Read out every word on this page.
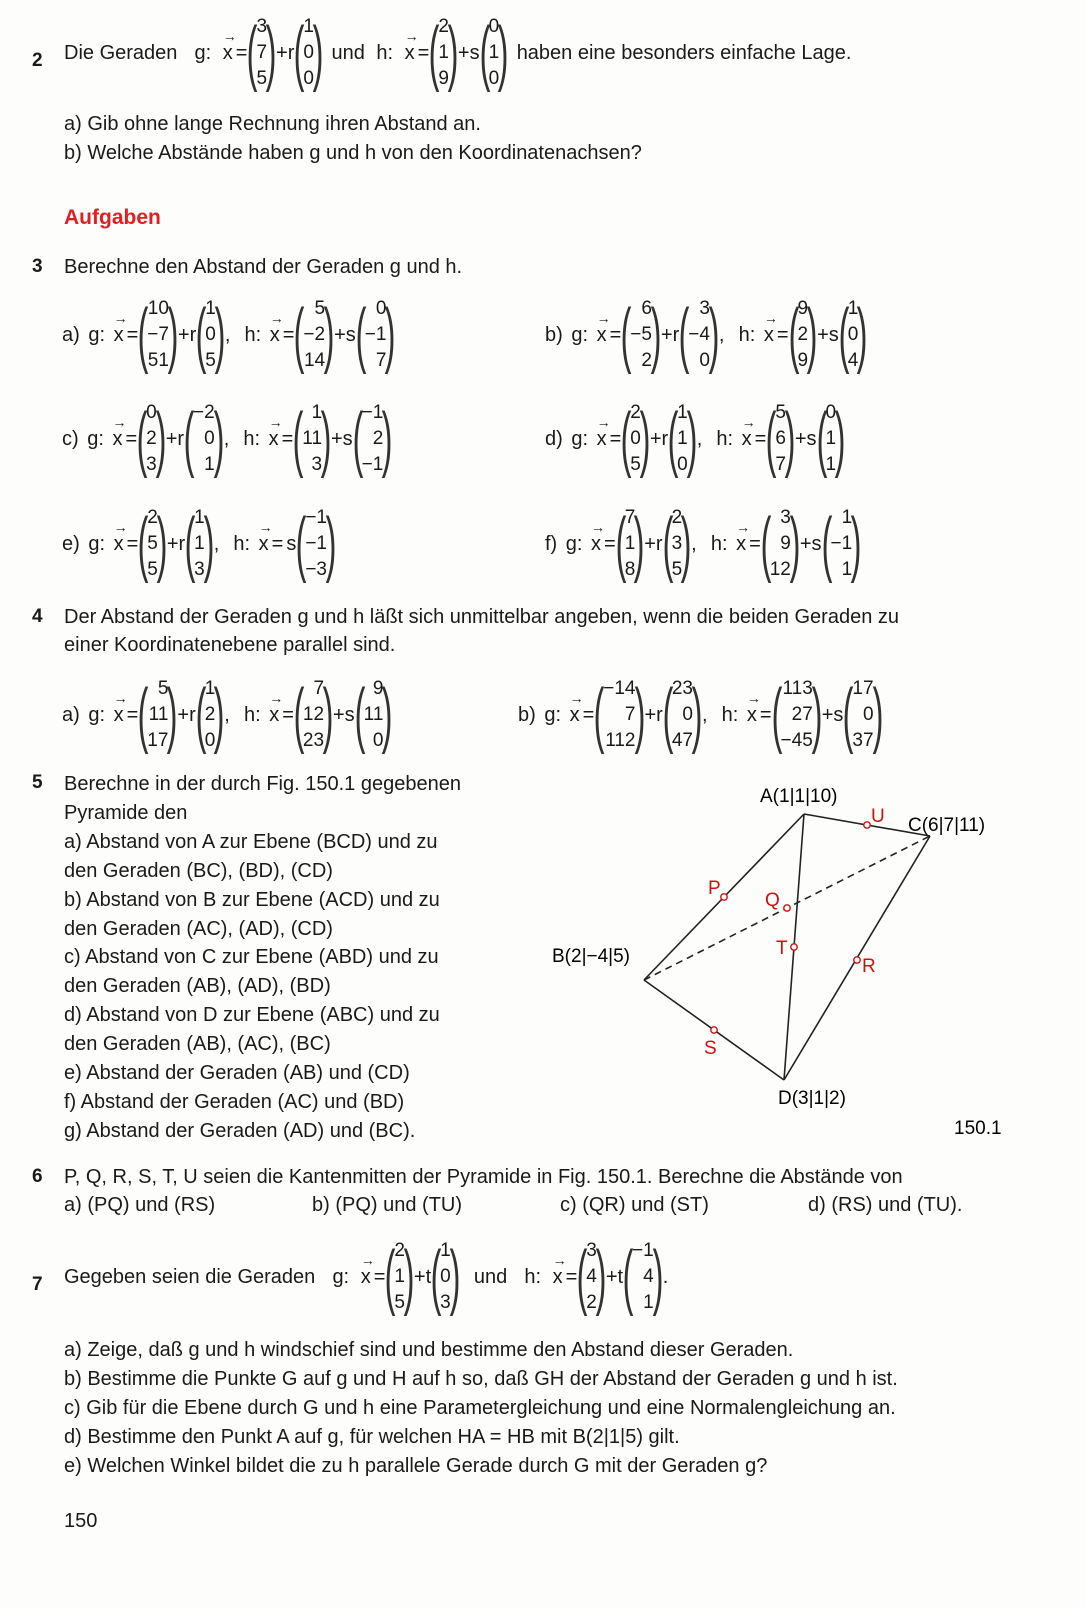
2 Die Geraden
g:
→ x = (
3
7
5
) +r (
1
0
0
)
und
h:
→ x = (
2
1
9
) +s (
0
1
0
)
haben eine besonders einfache Lage.
a) Gib ohne lange Rechnung ihren Abstand an.
b) Welche Abstände haben g und h von den Koordinatenachsen?
Aufgaben
3 Berechne den Abstand der Geraden g und h.
a) g: → x = ( 10
−7
51
) +r (
1
0
5
) , h: → x = ( 5
−2
14
) +s ( 0
−1
7
)	b) g: → x = ( 6
−5
2
) +r ( 3
−4
0
) , h: → x = (
9
2
9
) +s (
1
0
4
)
c) g: → x = (
0
2
3
) +r (
−2
0
1
) , h: → x = ( 1
11
3
) +s (
−1
2
−1
)	d) g: → x = (
2
0
5
) +r (
1
1
0
) , h: → x = (
5
6
7
) +s (
0
1
1
)
e) g: → x = (
2
5
5
) +r (
1
1
3
) , h: → x = s (
−1
−1
−3
)	f) g: → x = (
7
1
8
) +r (
2
3
5
) , h: → x = ( 3
9
12
) +s ( 1
−1
1
)
4 Der Abstand der Geraden g und h läßt sich unmittelbar angeben, wenn die beiden Geraden zu
einer Koordinatenebene parallel sind.
a) g: → x = ( 5
11
17
) +r (
1
2
0
) , h: → x = ( 7
12
23
) +s ( 9
11
0
)	b) g: → x = (
−14
7
112
) +r (
23
0
47
) , h: → x = ( 113
27
−45
) +s (
17
0
37
)
5 Berechne in der durch Fig. 150.1 gegebenen
Pyramide den
a) Abstand von A zur Ebene (BCD) und zu
den Geraden (BC), (BD), (CD)
b) Abstand von B zur Ebene (ACD) und zu
den Geraden (AC), (AD), (CD)
c) Abstand von C zur Ebene (ABD) und zu
den Geraden (AB), (AD), (BD)
d) Abstand von D zur Ebene (ABC) und zu
den Geraden (AB), (AC), (BC)
e) Abstand der Geraden (AB) und (CD)
f) Abstand der Geraden (AC) und (BD)
g) Abstand der Geraden (AD) und (BC).
A(1|1|10)
B(2|−4|5)
C(6|7|11)
D(3|1|2)
P
Q
R
S
T
U
150.1
6 P, Q, R, S, T, U seien die Kantenmitten der Pyramide in Fig. 150.1. Berechne die Abstände von
a) (PQ) und (RS)	b) (PQ) und (TU)	c) (QR) und (ST)	d) (RS) und (TU).
7 Gegeben seien die Geraden
g:
→ x = (
2
1
5
) +t (
1
0
3
)
und
h:
→ x = (
3
4
2
) +t (
−1
4
1
) .
a) Zeige, daß g und h windschief sind und bestimme den Abstand dieser Geraden.
b) Bestimme die Punkte G auf g und H auf h so, daß GH der Abstand der Geraden g und h ist.
c) Gib für die Ebene durch G und h eine Parametergleichung und eine Normalengleichung an.
d) Bestimme den Punkt A auf g, für welchen HA = HB mit B(2|1|5) gilt.
e) Welchen Winkel bildet die zu h parallele Gerade durch G mit der Geraden g?
150
